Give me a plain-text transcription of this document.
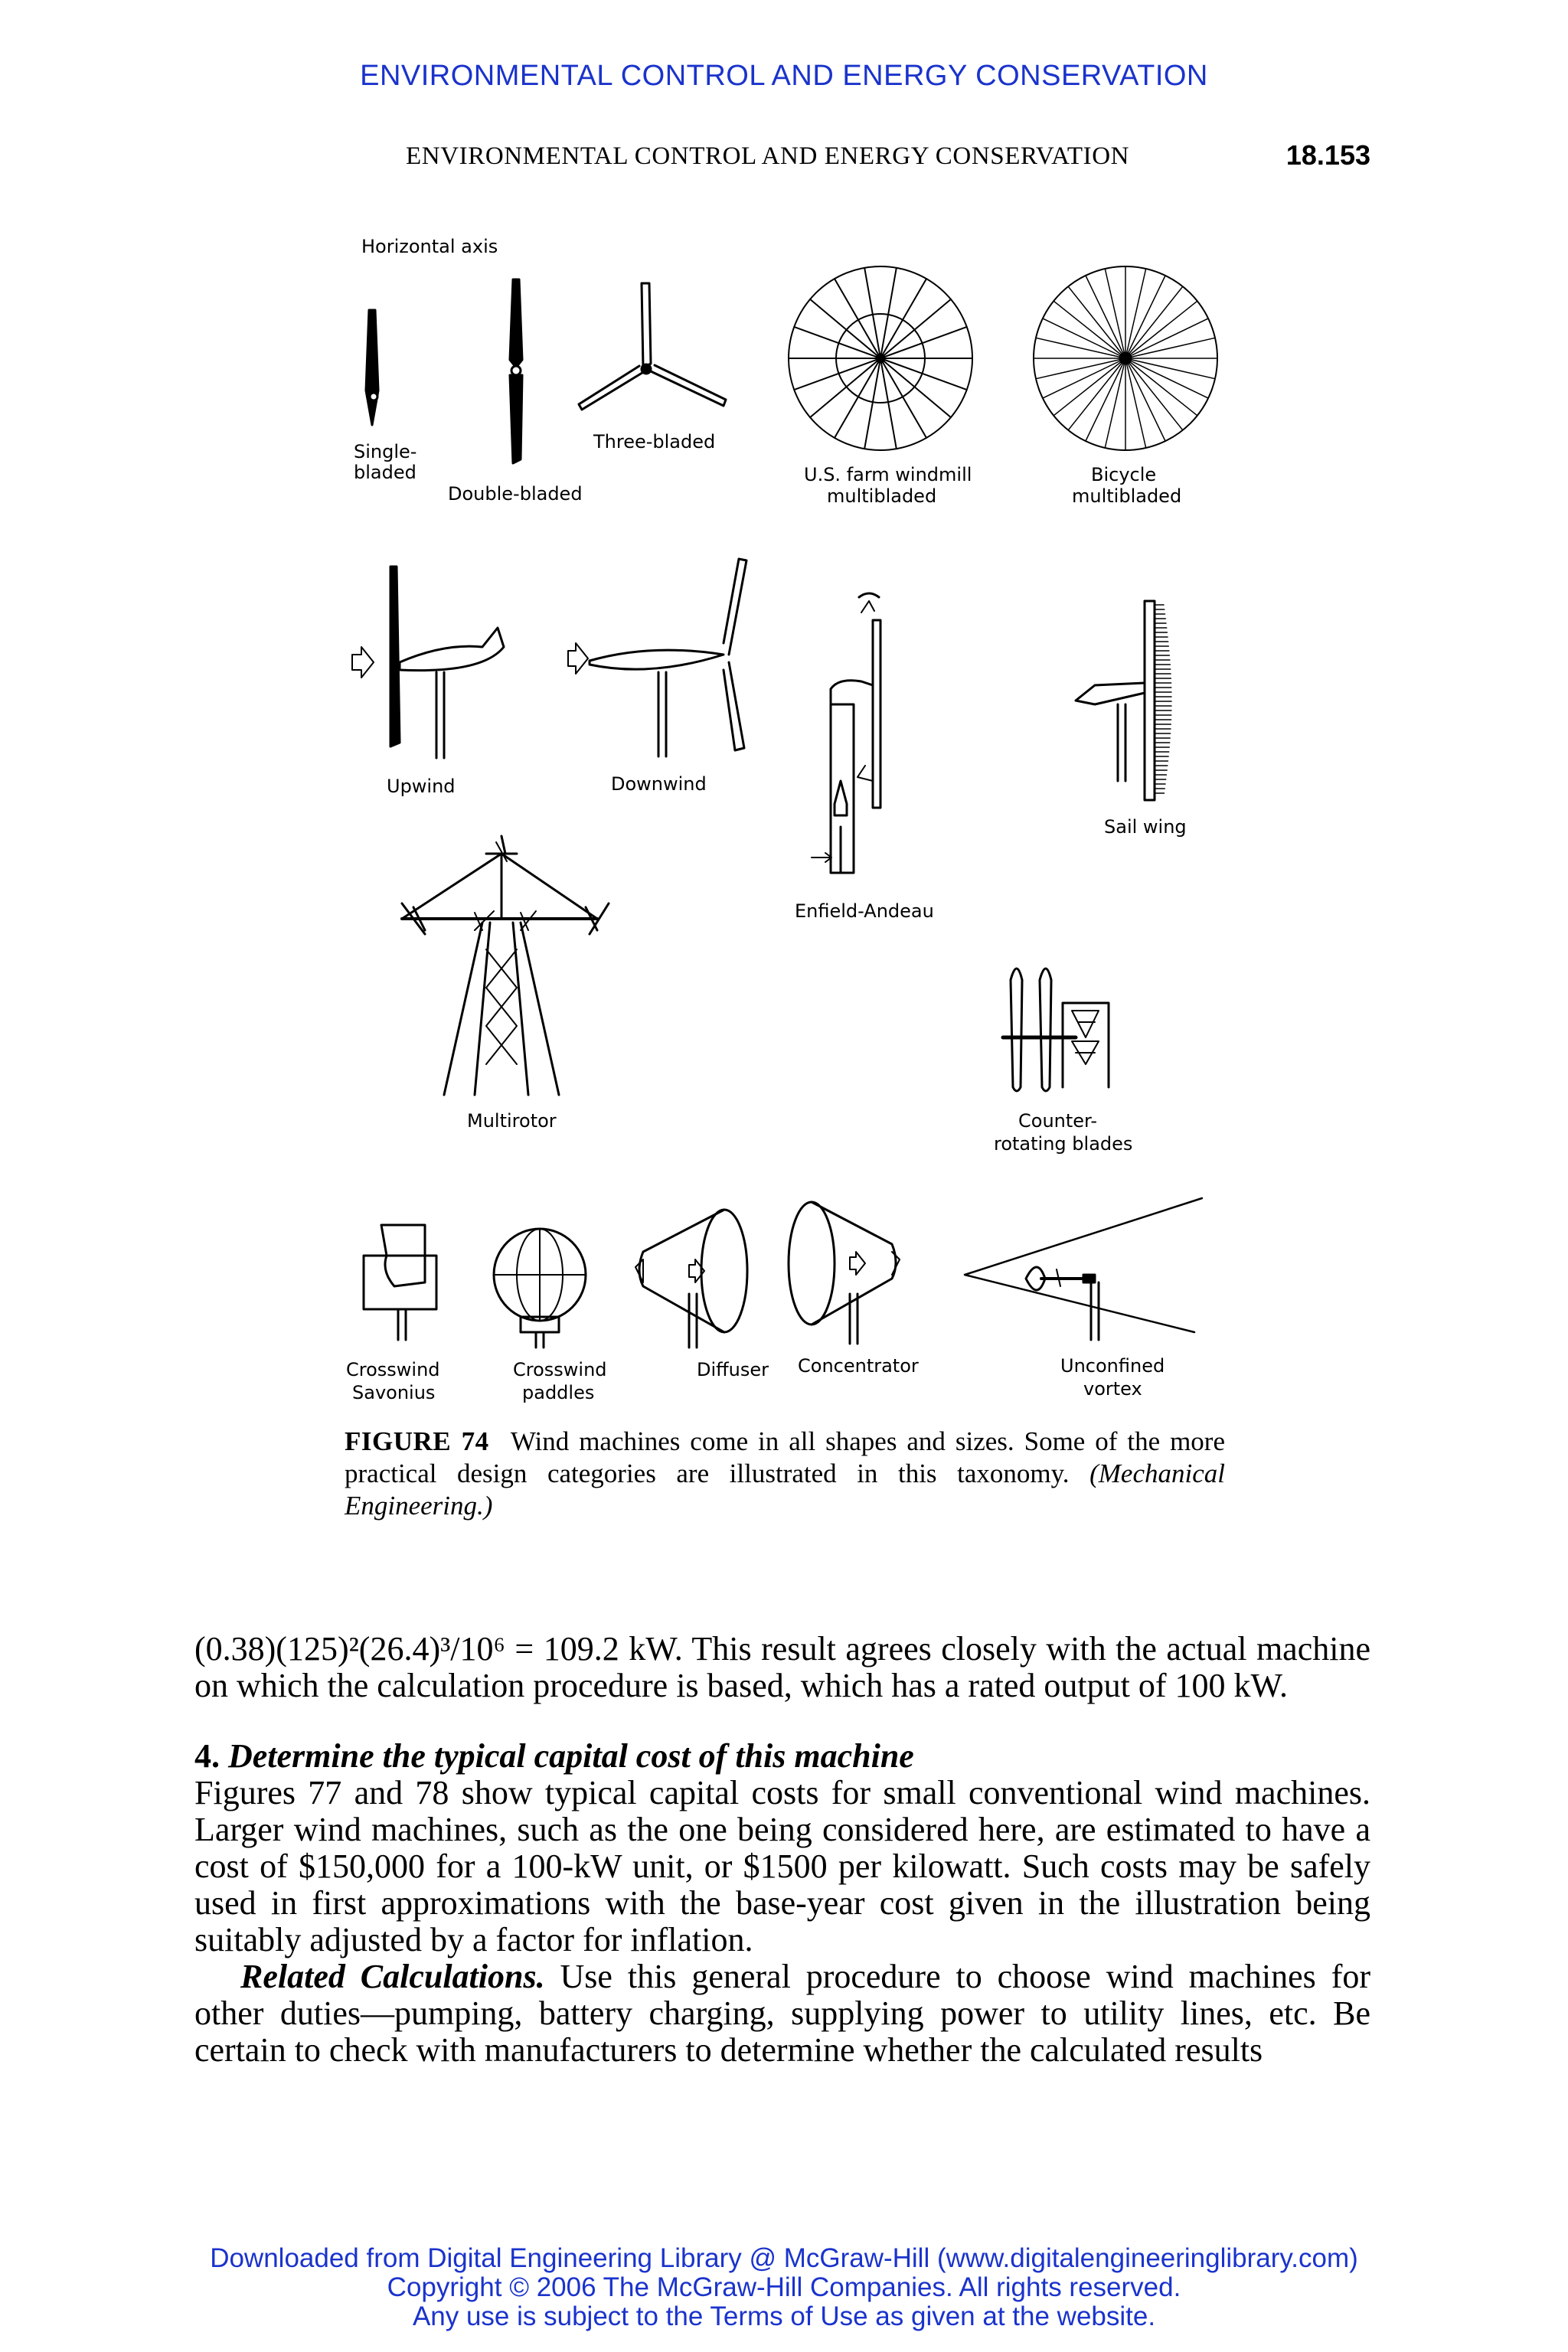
ENVIRONMENTAL CONTROL AND ENERGY CONSERVATION
ENVIRONMENTAL CONTROL AND ENERGY CONSERVATION	18.153
Horizontal axis
Single-
bladed
Double-bladed
Three-bladed
U.S. farm windmill
multibladed
Bicycle
multibladed
Upwind	Downwind
Enfield-Andeau
Sail wing
Multirotor	Counter-
rotating blades
Crosswind
Savonius
Crosswind
paddles
Diffuser Concentrator	Unconfined
vortex
FIGURE 74 Wind machines come in all shapes and sizes. Some of the more practical design categories are illustrated in this taxonomy. (Mechanical Engineering.)

(0.38)(125)²(26.4)³/10⁶ = 109.2 kW. This result agrees closely with the actual machine on which the calculation procedure is based, which has a rated output of 100 kW.

4. Determine the typical capital cost of this machine

Figures 77 and 78 show typical capital costs for small conventional wind machines. Larger wind machines, such as the one being considered here, are estimated to have a cost of $150,000 for a 100-kW unit, or $1500 per kilowatt. Such costs may be safely used in first approximations with the base-year cost given in the illustration being suitably adjusted by a factor for inflation.

Related Calculations. Use this general procedure to choose wind machines for other duties—pumping, battery charging, supplying power to utility lines, etc. Be certain to check with manufacturers to determine whether the calculated results

Downloaded from Digital Engineering Library @ McGraw-Hill (www.digitalengineeringlibrary.com)
Copyright © 2006 The McGraw-Hill Companies. All rights reserved.
Any use is subject to the Terms of Use as given at the website.
